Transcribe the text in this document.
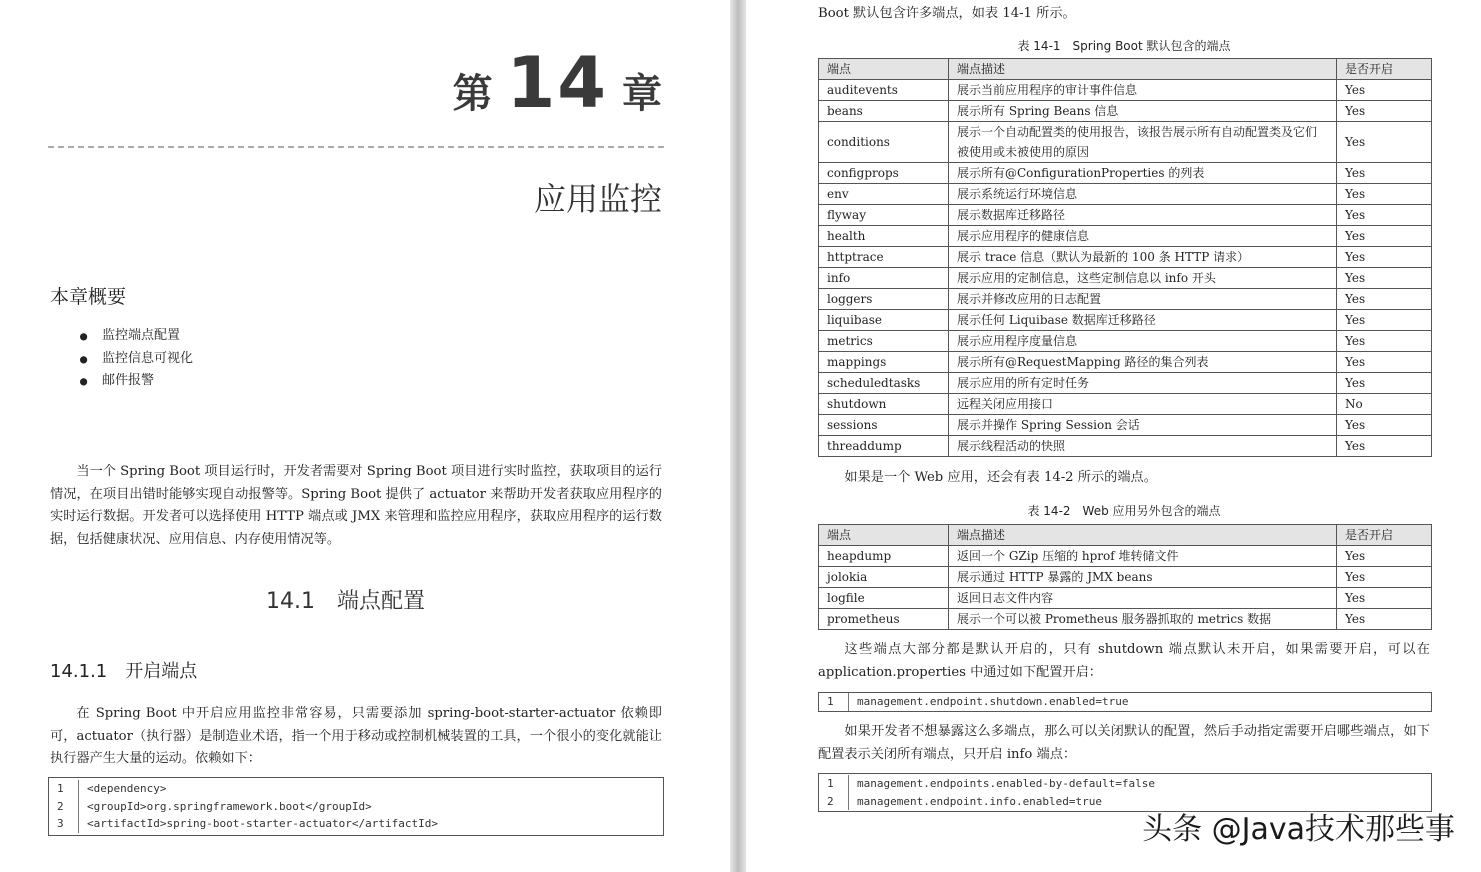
第 14 章
应用监控
本章概要
● 监控端点配置
● 监控信息可视化
● 邮件报警

当一个 Spring Boot 项目运行时，开发者需要对 Spring Boot 项目进行实时监控，获取项目的运行情况，在项目出错时能够实现自动报警等。Spring Boot 提供了 actuator 来帮助开发者获取应用程序的实时运行数据。开发者可以选择使用 HTTP 端点或 JMX 来管理和监控应用程序，获取应用程序的运行数据，包括健康状况、应用信息、内存使用情况等。

14.1　端点配置
14.1.1　开启端点

在 Spring Boot 中开启应用监控非常容易，只需要添加 spring-boot-starter-actuator 依赖即可，actuator（执行器）是制造业术语，指一个用于移动或控制机械装置的工具，一个很小的变化就能让执行器产生大量的运动。依赖如下：

1	<dependency>
2	<groupId>org.springframework.boot</groupId>
3	<artifactId>spring-boot-starter-actuator</artifactId>

Boot 默认包含许多端点，如表 14-1 所示。

表 14-1　Spring Boot 默认包含的端点
端点	端点描述	是否开启
auditevents	展示当前应用程序的审计事件信息	Yes
beans	展示所有 Spring Beans 信息	Yes
conditions	展示一个自动配置类的使用报告，该报告展示所有自动配置类及它们被使用或未被使用的原因	Yes
configprops	展示所有@ConfigurationProperties 的列表	Yes
env	展示系统运行环境信息	Yes
flyway	展示数据库迁移路径	Yes
health	展示应用程序的健康信息	Yes
httptrace	展示 trace 信息（默认为最新的 100 条 HTTP 请求）	Yes
info	展示应用的定制信息，这些定制信息以 info 开头	Yes
loggers	展示并修改应用的日志配置	Yes
liquibase	展示任何 Liquibase 数据库迁移路径	Yes
metrics	展示应用程序度量信息	Yes
mappings	展示所有@RequestMapping 路径的集合列表	Yes
scheduledtasks	展示应用的所有定时任务	Yes
shutdown	远程关闭应用接口	No
sessions	展示并操作 Spring Session 会话	Yes
threaddump	展示线程活动的快照	Yes

如果是一个 Web 应用，还会有表 14-2 所示的端点。

表 14-2　Web 应用另外包含的端点
端点	端点描述	是否开启
heapdump	返回一个 GZip 压缩的 hprof 堆转储文件	Yes
jolokia	展示通过 HTTP 暴露的 JMX beans	Yes
logfile	返回日志文件内容	Yes
prometheus	展示一个可以被 Prometheus 服务器抓取的 metrics 数据	Yes

这些端点大部分都是默认开启的，只有 shutdown 端点默认未开启，如果需要开启，可以在 application.properties 中通过如下配置开启：

1	management.endpoint.shutdown.enabled=true

如果开发者不想暴露这么多端点，那么可以关闭默认的配置，然后手动指定需要开启哪些端点，如下配置表示关闭所有端点，只开启 info 端点：

1	management.endpoints.enabled-by-default=false
2	management.endpoint.info.enabled=true
头条 @Java技术那些事
